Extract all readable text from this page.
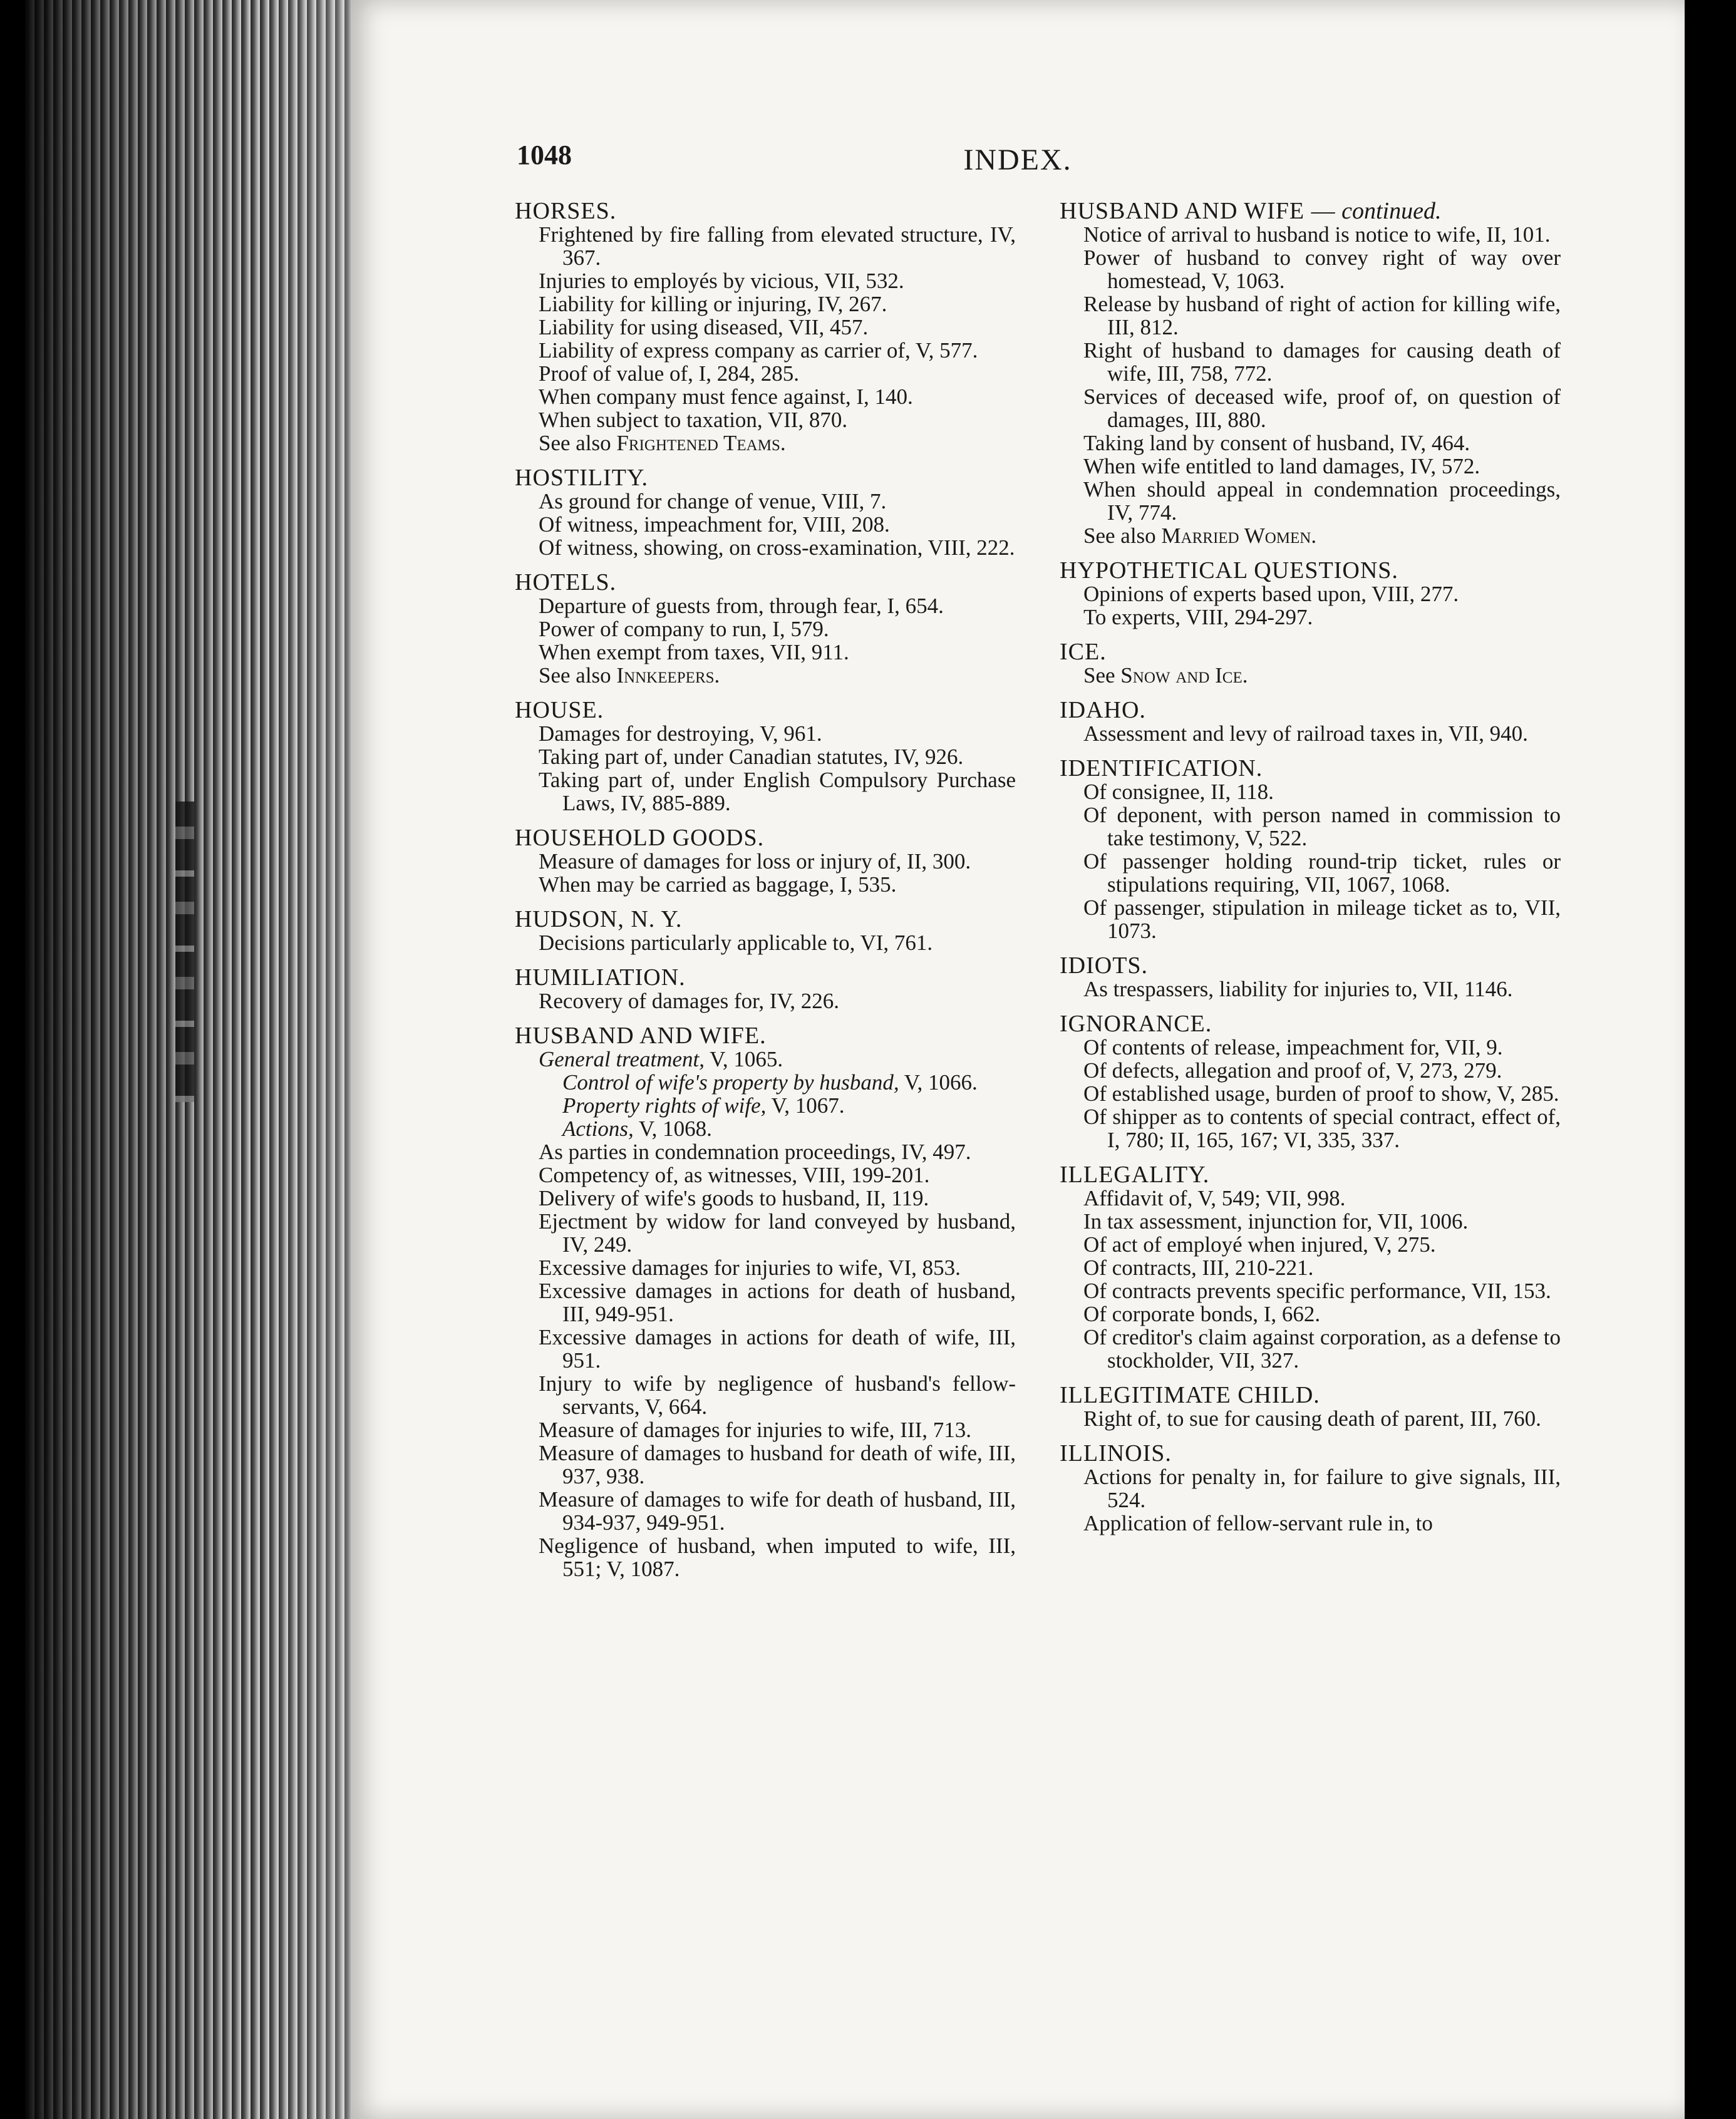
1048	INDEX.

HORSES.

Frightened by fire falling from elevated structure, IV, 367.

Injuries to employés by vicious, VII, 532.

Liability for killing or injuring, IV, 267.

Liability for using diseased, VII, 457.

Liability of express company as carrier of, V, 577.

Proof of value of, I, 284, 285.

When company must fence against, I, 140.

When subject to taxation, VII, 870.

See also Frightened Teams.

HOSTILITY.

As ground for change of venue, VIII, 7.

Of witness, impeachment for, VIII, 208.

Of witness, showing, on cross-examination, VIII, 222.

HOTELS.

Departure of guests from, through fear, I, 654.

Power of company to run, I, 579.

When exempt from taxes, VII, 911.

See also Innkeepers.

HOUSE.

Damages for destroying, V, 961.

Taking part of, under Canadian statutes, IV, 926.

Taking part of, under English Compulsory Purchase Laws, IV, 885-889.

HOUSEHOLD GOODS.

Measure of damages for loss or injury of, II, 300.

When may be carried as baggage, I, 535.

HUDSON, N. Y.

Decisions particularly applicable to, VI, 761.

HUMILIATION.

Recovery of damages for, IV, 226.

HUSBAND AND WIFE.

General treatment, V, 1065.

Control of wife's property by husband, V, 1066.

Property rights of wife, V, 1067.

Actions, V, 1068.

As parties in condemnation proceedings, IV, 497.

Competency of, as witnesses, VIII, 199-201.

Delivery of wife's goods to husband, II, 119.

Ejectment by widow for land conveyed by husband, IV, 249.

Excessive damages for injuries to wife, VI, 853.

Excessive damages in actions for death of husband, III, 949-951.

Excessive damages in actions for death of wife, III, 951.

Injury to wife by negligence of husband's fellow-servants, V, 664.

Measure of damages for injuries to wife, III, 713.

Measure of damages to husband for death of wife, III, 937, 938.

Measure of damages to wife for death of husband, III, 934-937, 949-951.

Negligence of husband, when imputed to wife, III, 551; V, 1087.

HUSBAND AND WIFE — continued.

Notice of arrival to husband is notice to wife, II, 101.

Power of husband to convey right of way over homestead, V, 1063.

Release by husband of right of action for killing wife, III, 812.

Right of husband to damages for causing death of wife, III, 758, 772.

Services of deceased wife, proof of, on question of damages, III, 880.

Taking land by consent of husband, IV, 464.

When wife entitled to land damages, IV, 572.

When should appeal in condemnation proceedings, IV, 774.

See also Married Women.

HYPOTHETICAL QUESTIONS.

Opinions of experts based upon, VIII, 277.

To experts, VIII, 294-297.

ICE.

See Snow and Ice.

IDAHO.

Assessment and levy of railroad taxes in, VII, 940.

IDENTIFICATION.

Of consignee, II, 118.

Of deponent, with person named in commission to take testimony, V, 522.

Of passenger holding round-trip ticket, rules or stipulations requiring, VII, 1067, 1068.

Of passenger, stipulation in mileage ticket as to, VII, 1073.

IDIOTS.

As trespassers, liability for injuries to, VII, 1146.

IGNORANCE.

Of contents of release, impeachment for, VII, 9.

Of defects, allegation and proof of, V, 273, 279.

Of established usage, burden of proof to show, V, 285.

Of shipper as to contents of special contract, effect of, I, 780; II, 165, 167; VI, 335, 337.

ILLEGALITY.

Affidavit of, V, 549; VII, 998.

In tax assessment, injunction for, VII, 1006.

Of act of employé when injured, V, 275.

Of contracts, III, 210-221.

Of contracts prevents specific performance, VII, 153.

Of corporate bonds, I, 662.

Of creditor's claim against corporation, as a defense to stockholder, VII, 327.

ILLEGITIMATE CHILD.

Right of, to sue for causing death of parent, III, 760.

ILLINOIS.

Actions for penalty in, for failure to give signals, III, 524.

Application of fellow-servant rule in, to
